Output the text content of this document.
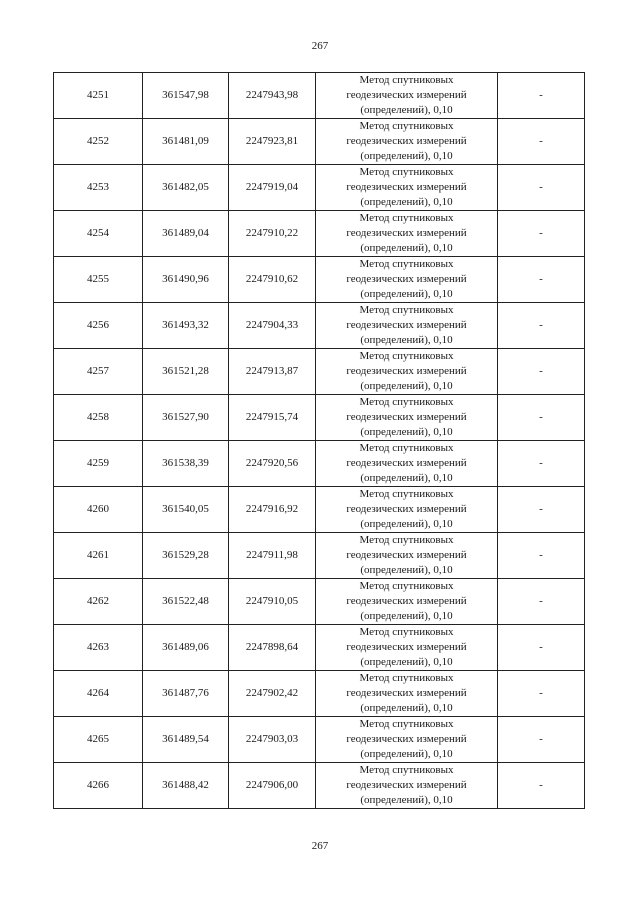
267
4251	361547,98	2247943,98	Метод спутниковых
геодезических измерений
(определений), 0,10	-
4252	361481,09	2247923,81	Метод спутниковых
геодезических измерений
(определений), 0,10	-
4253	361482,05	2247919,04	Метод спутниковых
геодезических измерений
(определений), 0,10	-
4254	361489,04	2247910,22	Метод спутниковых
геодезических измерений
(определений), 0,10	-
4255	361490,96	2247910,62	Метод спутниковых
геодезических измерений
(определений), 0,10	-
4256	361493,32	2247904,33	Метод спутниковых
геодезических измерений
(определений), 0,10	-
4257	361521,28	2247913,87	Метод спутниковых
геодезических измерений
(определений), 0,10	-
4258	361527,90	2247915,74	Метод спутниковых
геодезических измерений
(определений), 0,10	-
4259	361538,39	2247920,56	Метод спутниковых
геодезических измерений
(определений), 0,10	-
4260	361540,05	2247916,92	Метод спутниковых
геодезических измерений
(определений), 0,10	-
4261	361529,28	2247911,98	Метод спутниковых
геодезических измерений
(определений), 0,10	-
4262	361522,48	2247910,05	Метод спутниковых
геодезических измерений
(определений), 0,10	-
4263	361489,06	2247898,64	Метод спутниковых
геодезических измерений
(определений), 0,10	-
4264	361487,76	2247902,42	Метод спутниковых
геодезических измерений
(определений), 0,10	-
4265	361489,54	2247903,03	Метод спутниковых
геодезических измерений
(определений), 0,10	-
4266	361488,42	2247906,00	Метод спутниковых
геодезических измерений
(определений), 0,10	-
267
